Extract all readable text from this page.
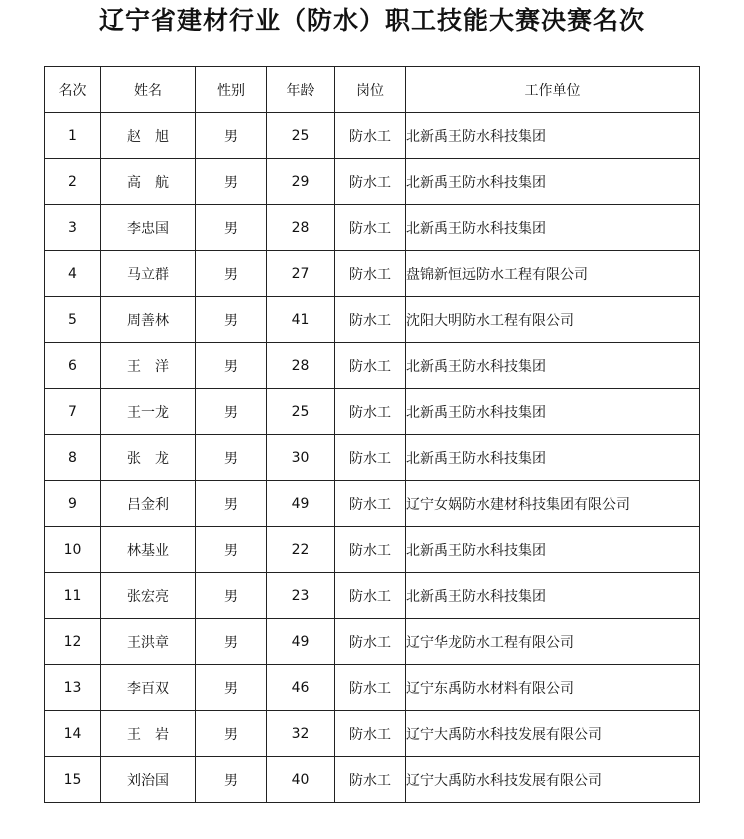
辽宁省建材行业（防水）职工技能大赛决赛名次
名次	姓名	性别	年龄	岗位	工作单位
1	赵　旭	男	25	防水工	北新禹王防水科技集团
2	高　航	男	29	防水工	北新禹王防水科技集团
3	李忠国	男	28	防水工	北新禹王防水科技集团
4	马立群	男	27	防水工	盘锦新恒远防水工程有限公司
5	周善林	男	41	防水工	沈阳大明防水工程有限公司
6	王　洋	男	28	防水工	北新禹王防水科技集团
7	王一龙	男	25	防水工	北新禹王防水科技集团
8	张　龙	男	30	防水工	北新禹王防水科技集团
9	吕金利	男	49	防水工	辽宁女娲防水建材科技集团有限公司
10	林基业	男	22	防水工	北新禹王防水科技集团
11	张宏亮	男	23	防水工	北新禹王防水科技集团
12	王洪章	男	49	防水工	辽宁华龙防水工程有限公司
13	李百双	男	46	防水工	辽宁东禹防水材料有限公司
14	王　岩	男	32	防水工	辽宁大禹防水科技发展有限公司
15	刘治国	男	40	防水工	辽宁大禹防水科技发展有限公司
